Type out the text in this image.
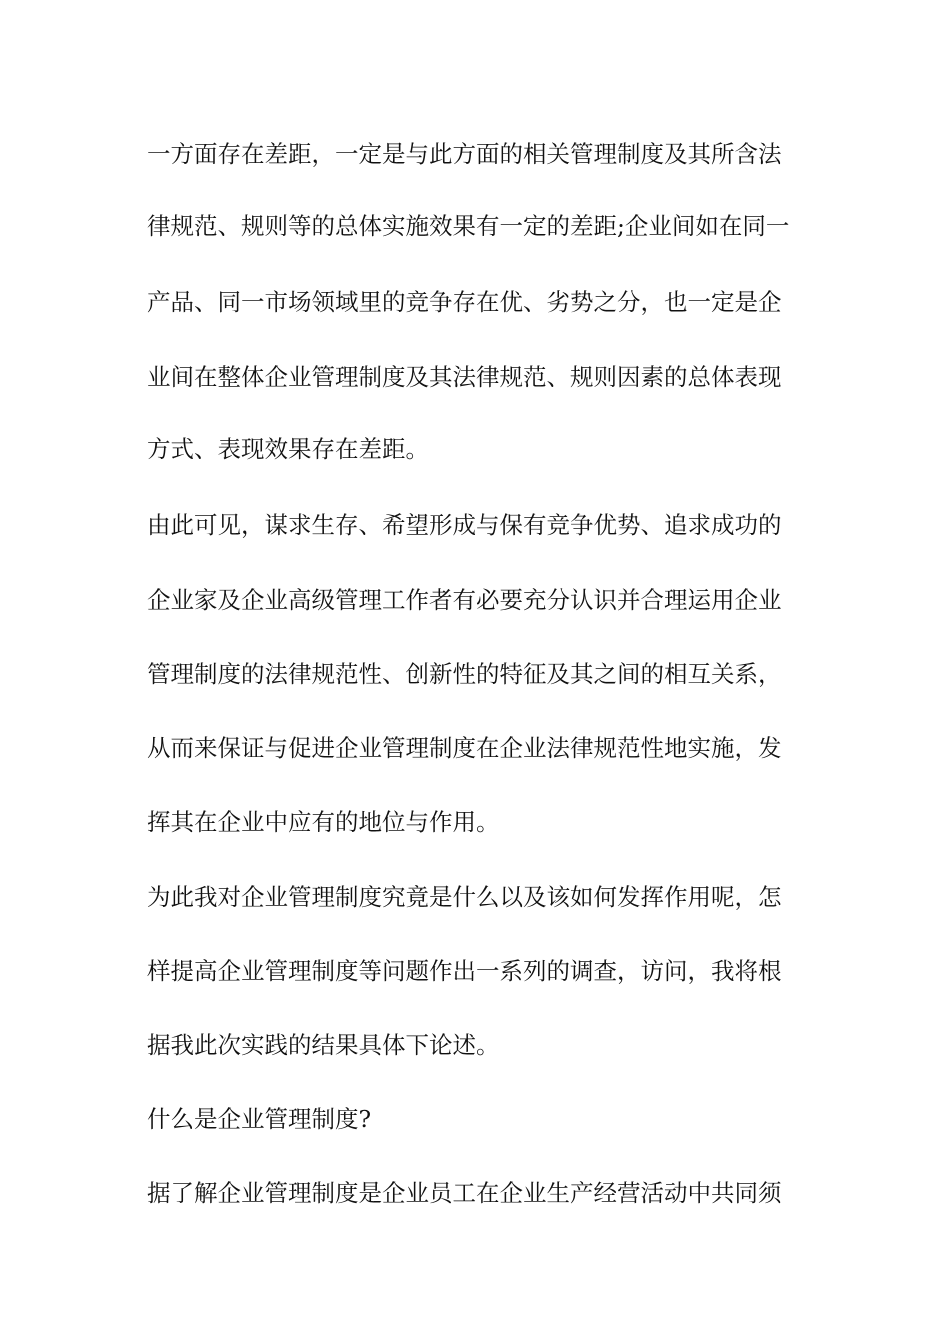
一方面存在差距，一定是与此方面的相关管理制度及其所含法
律规范、规则等的总体实施效果有一定的差距;企业间如在同一
产品、同一市场领域里的竞争存在优、劣势之分，也一定是企
业间在整体企业管理制度及其法律规范、规则因素的总体表现
方式、表现效果存在差距。
由此可见，谋求生存、希望形成与保有竞争优势、追求成功的
企业家及企业高级管理工作者有必要充分认识并合理运用企业
管理制度的法律规范性、创新性的特征及其之间的相互关系，
从而来保证与促进企业管理制度在企业法律规范性地实施，发
挥其在企业中应有的地位与作用。
为此我对企业管理制度究竟是什么以及该如何发挥作用呢，怎
样提高企业管理制度等问题作出一系列的调查，访问，我将根
据我此次实践的结果具体下论述。
什么是企业管理制度?
据了解企业管理制度是企业员工在企业生产经营活动中共同须
